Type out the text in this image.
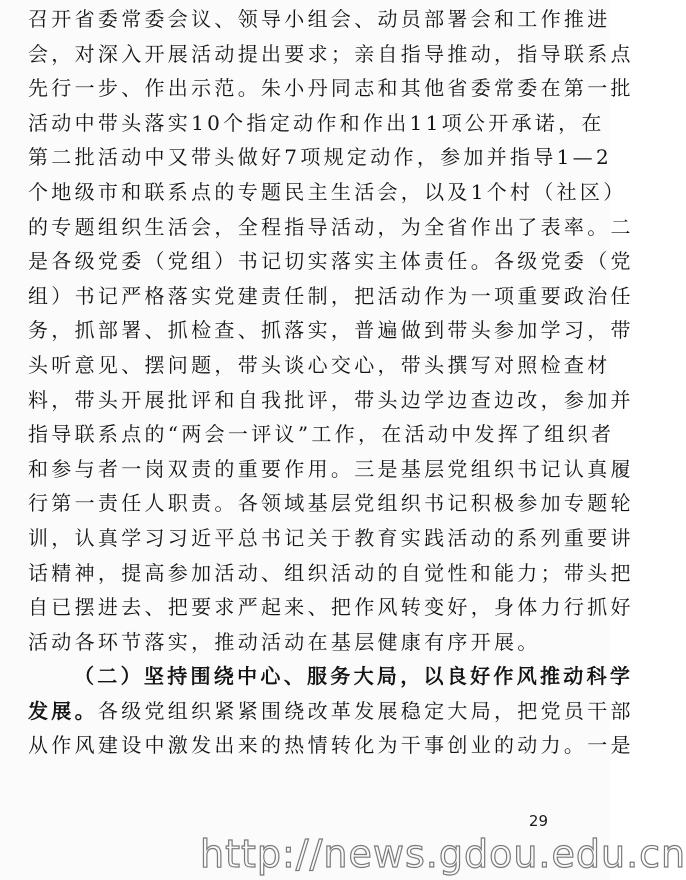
召开省委常委会议、领导小组会、动员部署会和工作推进
会，对深入开展活动提出要求；亲自指导推动，指导联系点
先行一步、作出示范。朱小丹同志和其他省委常委在第一批
活动中带头落实10个指定动作和作出11项公开承诺，在
第二批活动中又带头做好7项规定动作，参加并指导1—2
个地级市和联系点的专题民主生活会，以及1个村（社区）
的专题组织生活会，全程指导活动，为全省作出了表率。二
是各级党委（党组）书记切实落实主体责任。各级党委（党
组）书记严格落实党建责任制，把活动作为一项重要政治任
务，抓部署、抓检查、抓落实，普遍做到带头参加学习，带
头听意见、摆问题，带头谈心交心，带头撰写对照检查材
料，带头开展批评和自我批评，带头边学边查边改，参加并
指导联系点的“两会一评议”工作，在活动中发挥了组织者
和参与者一岗双责的重要作用。三是基层党组织书记认真履
行第一责任人职责。各领域基层党组织书记积极参加专题轮
训，认真学习习近平总书记关于教育实践活动的系列重要讲
话精神，提高参加活动、组织活动的自觉性和能力；带头把
自已摆进去、把要求严起来、把作风转变好，身体力行抓好
活动各环节落实，推动活动在基层健康有序开展。
（二）坚持围绕中心、服务大局，以良好作风推动科学
发展。各级党组织紧紧围绕改革发展稳定大局，把党员干部
从作风建设中激发出来的热情转化为干事创业的动力。一是
29
http://news.gdou.edu.cn
